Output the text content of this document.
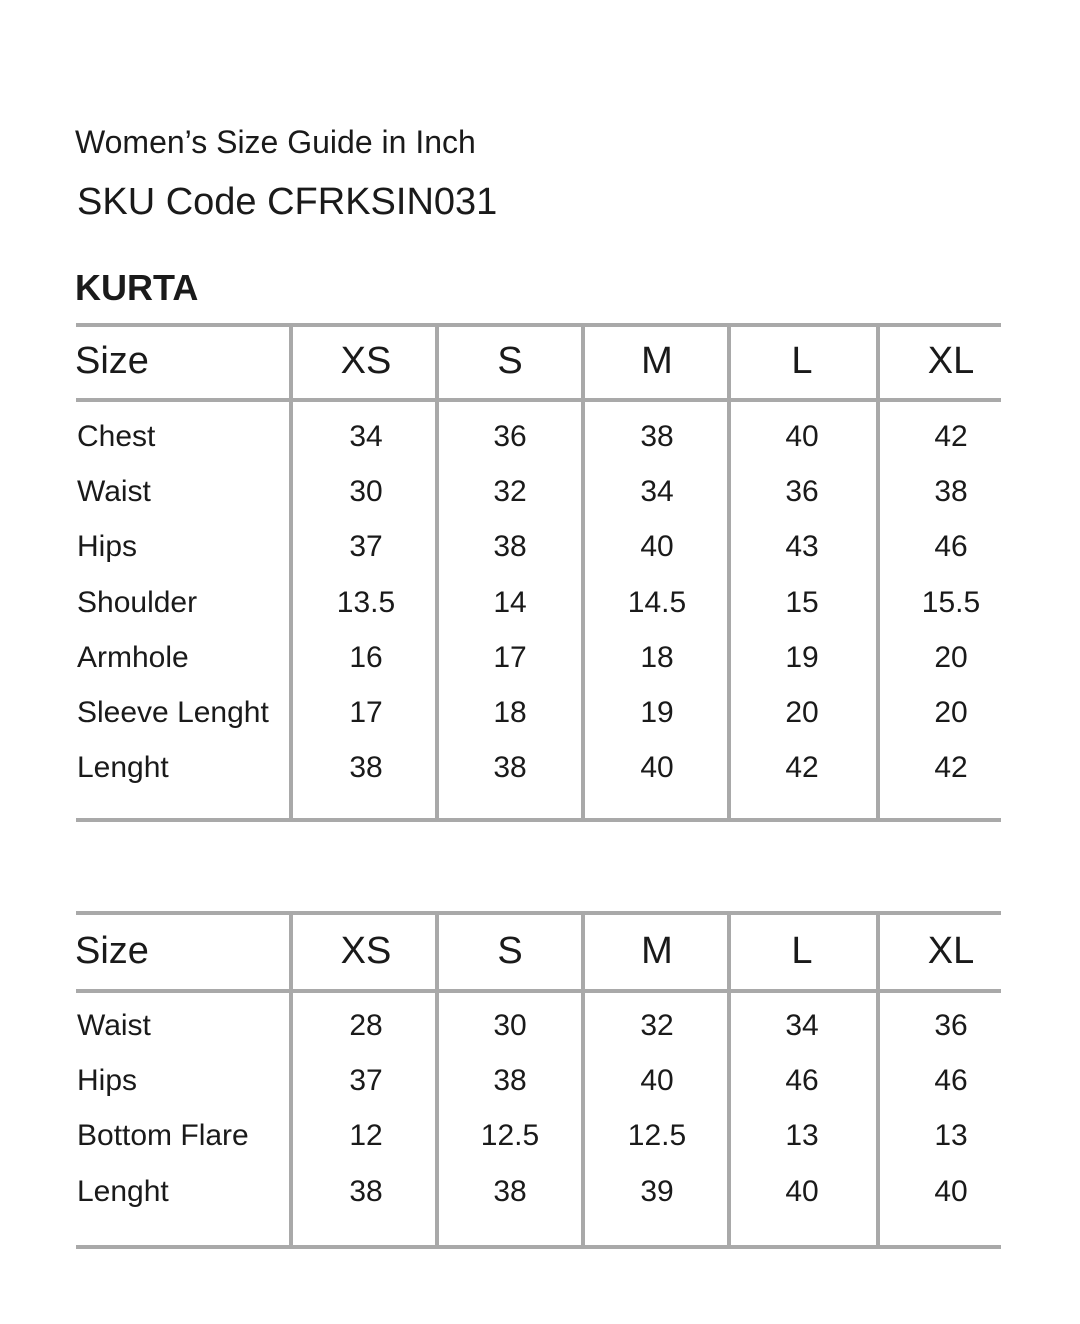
Women’s Size Guide in Inch
SKU Code CFRKSIN031
KURTA
Size	XS	S	M	L	XL
Chest	34	36	38	40	42
Waist	30	32	34	36	38
Hips	37	38	40	43	46
Shoulder	13.5	14	14.5	15	15.5
Armhole	16	17	18	19	20
Sleeve Lenght	17	18	19	20	20
Lenght	38	38	40	42	42
Size	XS	S	M	L	XL
Waist	28	30	32	34	36
Hips	37	38	40	46	46
Bottom Flare	12	12.5	12.5	13	13
Lenght	38	38	39	40	40
